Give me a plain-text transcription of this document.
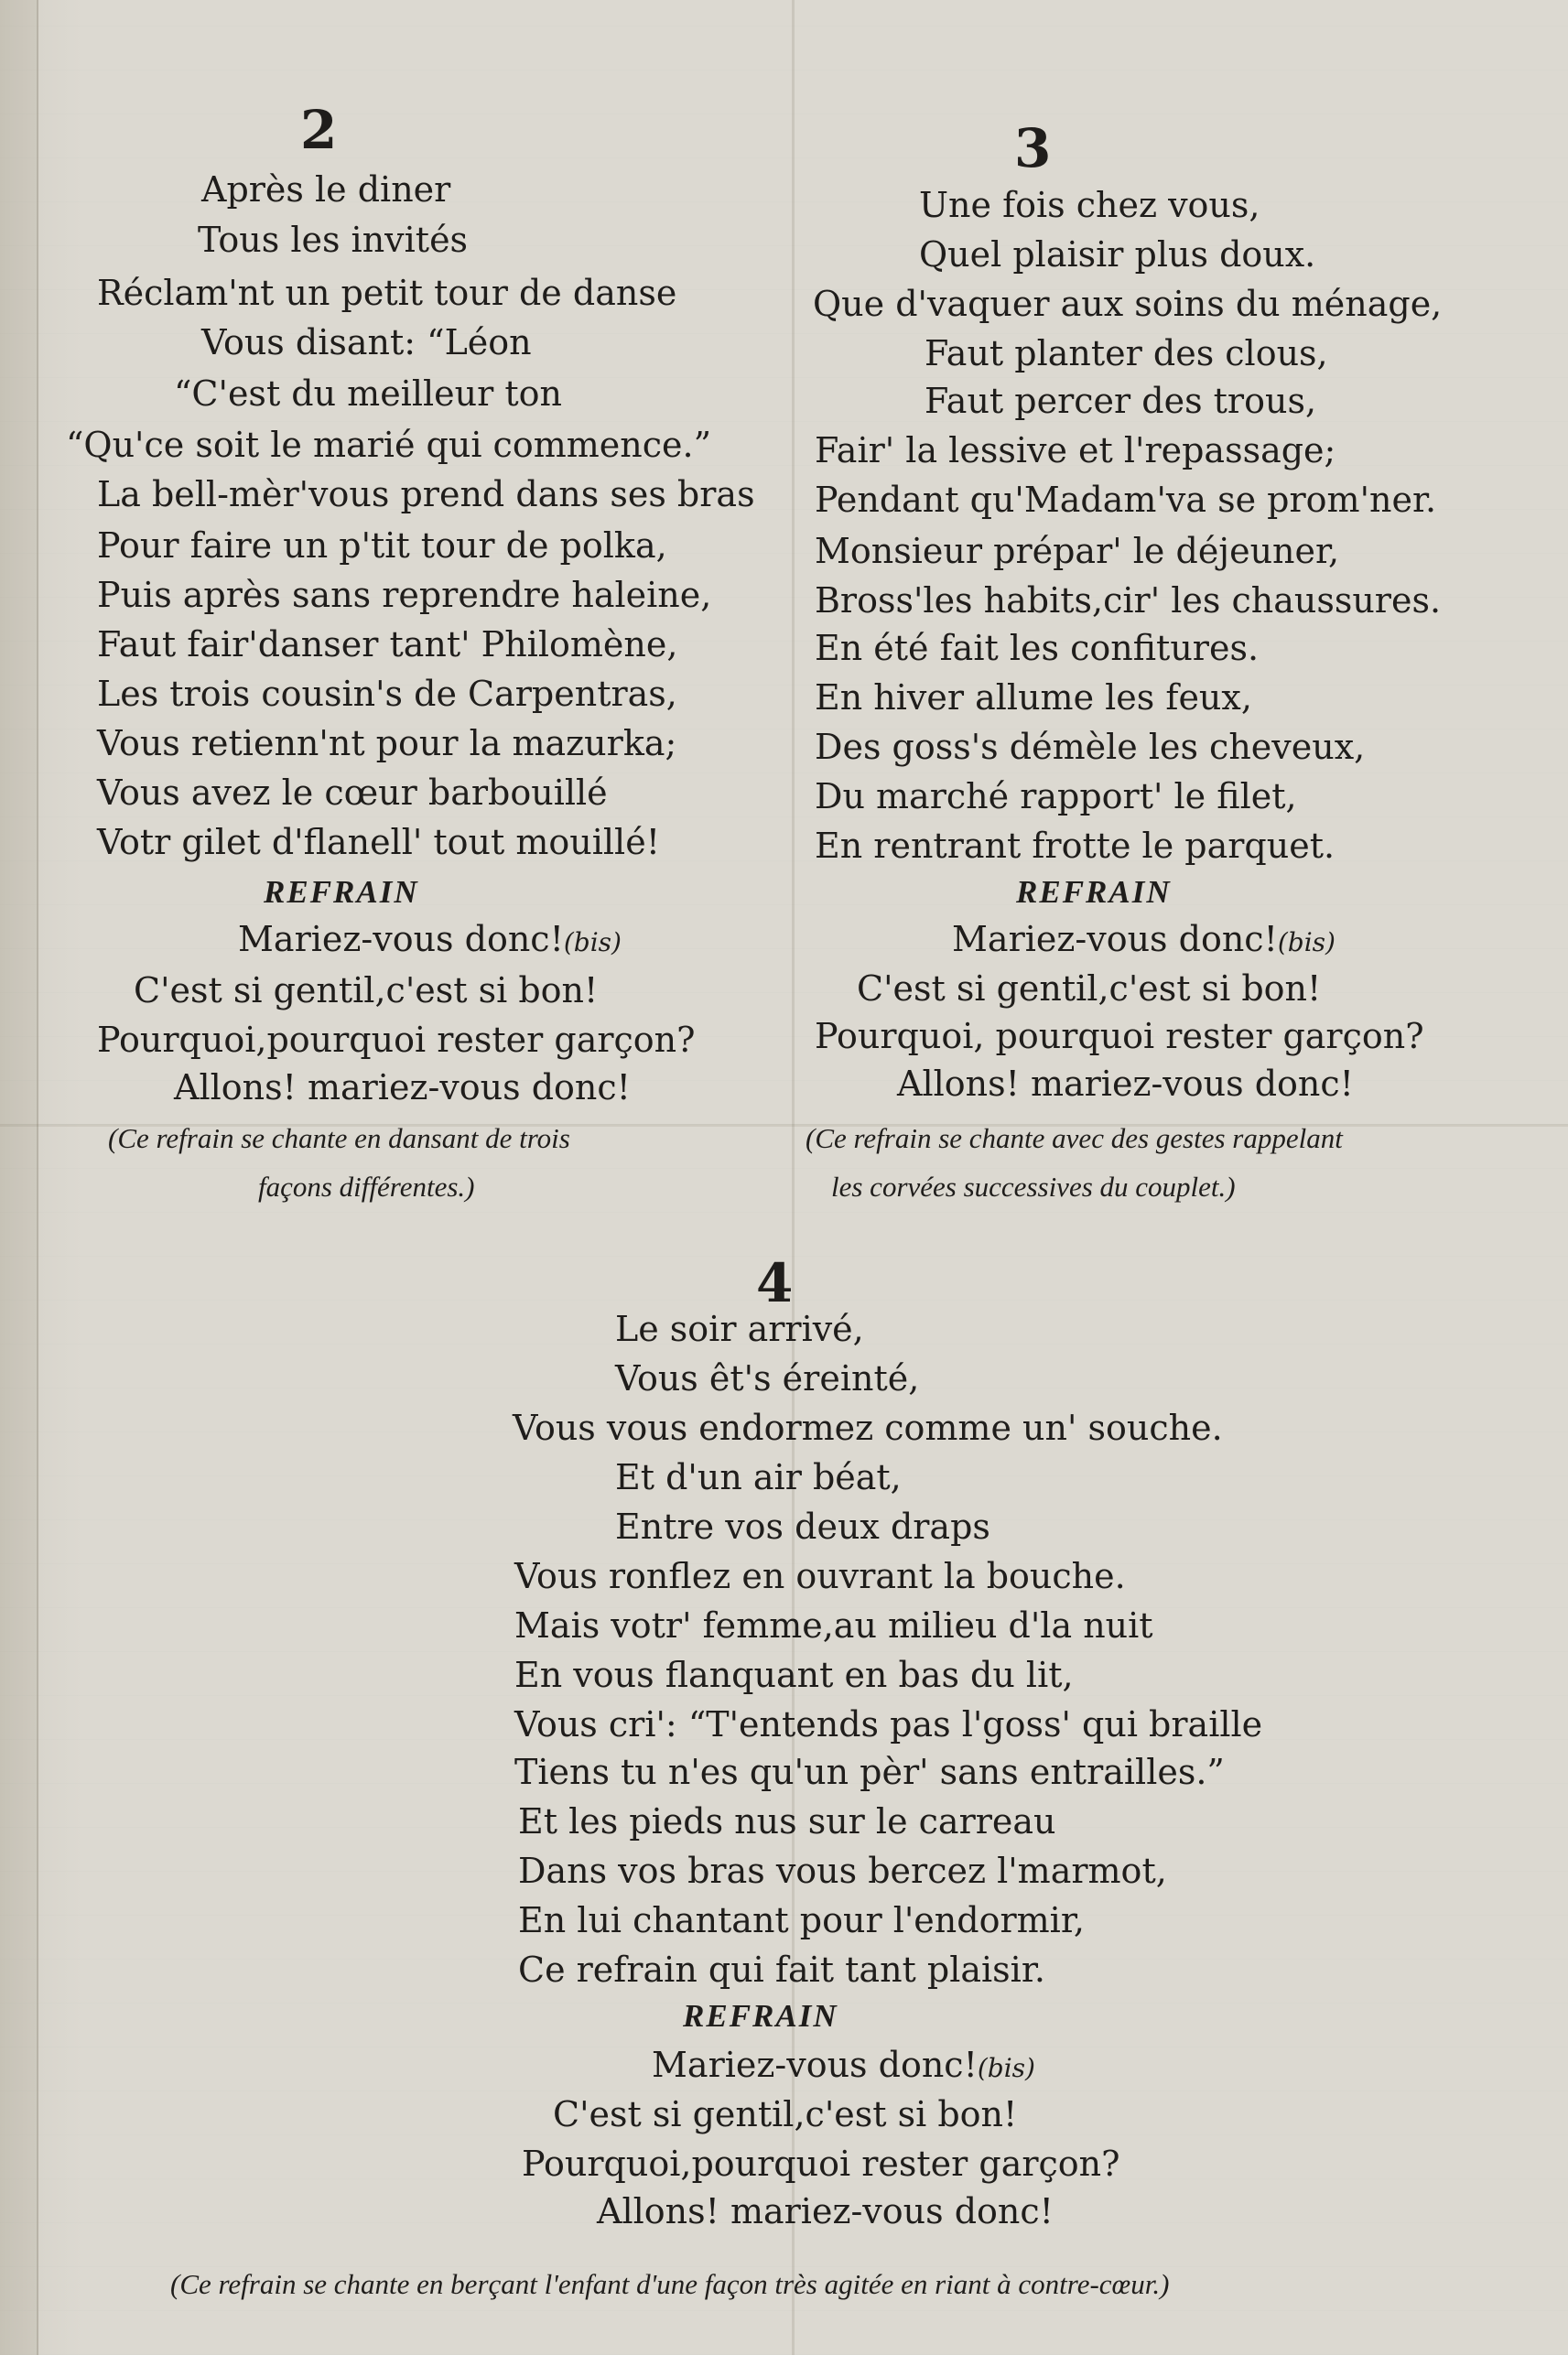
2
Après le diner
Tous les invités
Réclam'nt un petit tour de danse
Vous disant: “Léon
“C'est du meilleur ton
“Qu'ce soit le marié qui commence.”
La bell-mèr'vous prend dans ses bras
Pour faire un p'tit tour de polka,
Puis après sans reprendre haleine,
Faut fair'danser tant' Philomène,
Les trois cousin's de Carpentras,
Vous retienn'nt pour la mazurka;
Vous avez le cœur barbouillé
Votr gilet d'flanell' tout mouillé!
REFRAIN
Mariez-vous donc!(bis)
C'est si gentil,c'est si bon!
Pourquoi,pourquoi rester garçon?
Allons! mariez-vous donc!
(Ce refrain se chante en dansant de trois
façons différentes.)
3
Une fois chez vous,
Quel plaisir plus doux.
Que d'vaquer aux soins du ménage,
Faut planter des clous,
Faut percer des trous,
Fair' la lessive et l'repassage;
Pendant qu'Madam'va se prom'ner.
Monsieur prépar' le déjeuner,
Bross'les habits,cir' les chaussures.
En été fait les confitures.
En hiver allume les feux,
Des goss's démèle les cheveux,
Du marché rapport' le filet,
En rentrant frotte le parquet.
REFRAIN
Mariez-vous donc!(bis)
C'est si gentil,c'est si bon!
Pourquoi, pourquoi rester garçon?
Allons! mariez-vous donc!
(Ce refrain se chante avec des gestes rappelant
les corvées successives du couplet.)
4
Le soir arrivé,
Vous êt's éreinté,
Vous vous endormez comme un' souche.
Et d'un air béat,
Entre vos deux draps
Vous ronflez en ouvrant la bouche.
Mais votr' femme,au milieu d'la nuit
En vous flanquant en bas du lit,
Vous cri': “T'entends pas l'goss' qui braille
Tiens tu n'es qu'un pèr' sans entrailles.”
Et les pieds nus sur le carreau
Dans vos bras vous bercez l'marmot,
En lui chantant pour l'endormir,
Ce refrain qui fait tant plaisir.
REFRAIN
Mariez-vous donc!(bis)
C'est si gentil,c'est si bon!
Pourquoi,pourquoi rester garçon?
Allons! mariez-vous donc!
(Ce refrain se chante en berçant l'enfant d'une façon très agitée en riant à contre-cœur.)
